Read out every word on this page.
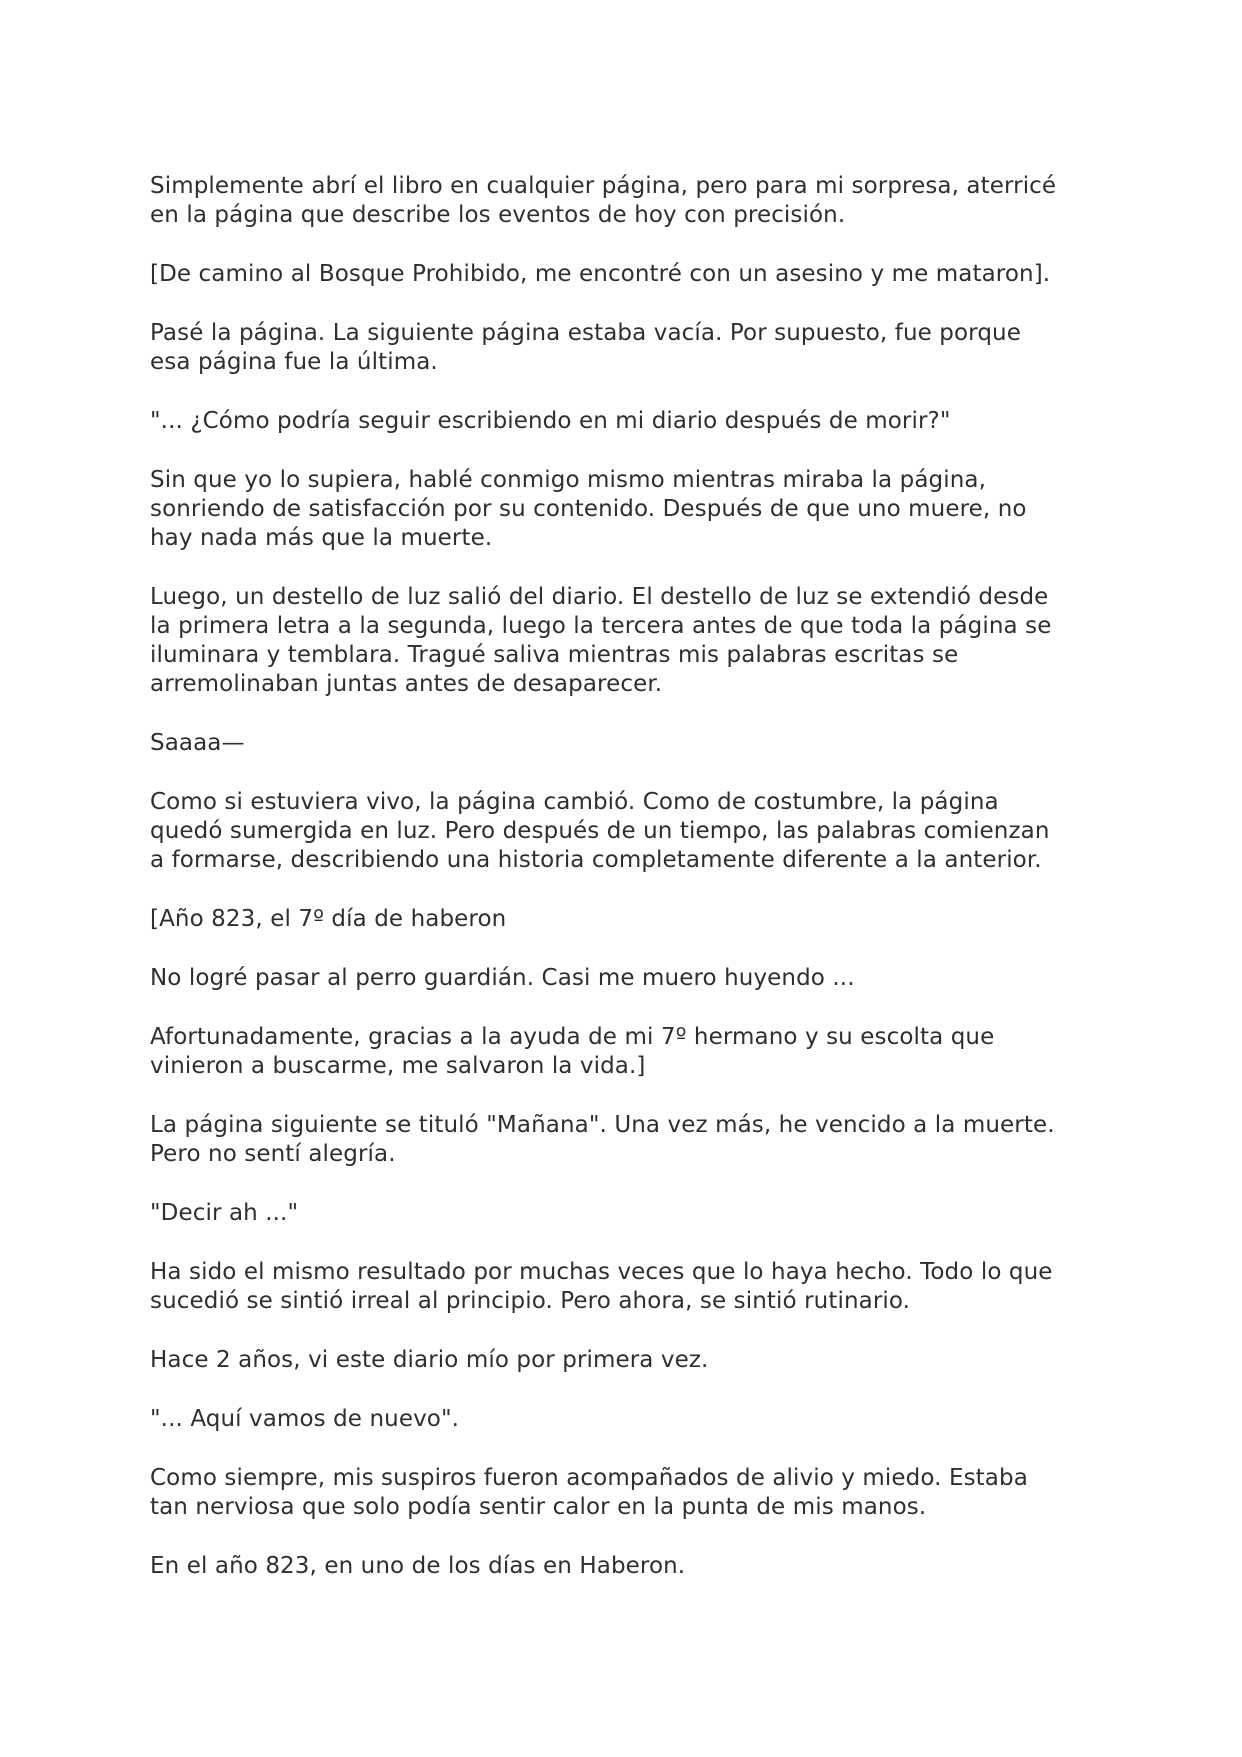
Simplemente abrí el libro en cualquier página, pero para mi sorpresa, aterricé
en la página que describe los eventos de hoy con precisión.

[De camino al Bosque Prohibido, me encontré con un asesino y me mataron].

Pasé la página. La siguiente página estaba vacía. Por supuesto, fue porque
esa página fue la última.

"... ¿Cómo podría seguir escribiendo en mi diario después de morir?"

Sin que yo lo supiera, hablé conmigo mismo mientras miraba la página,
sonriendo de satisfacción por su contenido. Después de que uno muere, no
hay nada más que la muerte.

Luego, un destello de luz salió del diario. El destello de luz se extendió desde
la primera letra a la segunda, luego la tercera antes de que toda la página se
iluminara y temblara. Tragué saliva mientras mis palabras escritas se
arremolinaban juntas antes de desaparecer.

Saaaa—

Como si estuviera vivo, la página cambió. Como de costumbre, la página
quedó sumergida en luz. Pero después de un tiempo, las palabras comienzan
a formarse, describiendo una historia completamente diferente a la anterior.

[Año 823, el 7º día de haberon

No logré pasar al perro guardián. Casi me muero huyendo ...

Afortunadamente, gracias a la ayuda de mi 7º hermano y su escolta que
vinieron a buscarme, me salvaron la vida.]

La página siguiente se tituló "Mañana". Una vez más, he vencido a la muerte.
Pero no sentí alegría.

"Decir ah ..."

Ha sido el mismo resultado por muchas veces que lo haya hecho. Todo lo que
sucedió se sintió irreal al principio. Pero ahora, se sintió rutinario.

Hace 2 años, vi este diario mío por primera vez.

"... Aquí vamos de nuevo".

Como siempre, mis suspiros fueron acompañados de alivio y miedo. Estaba
tan nerviosa que solo podía sentir calor en la punta de mis manos.

En el año 823, en uno de los días en Haberon.
